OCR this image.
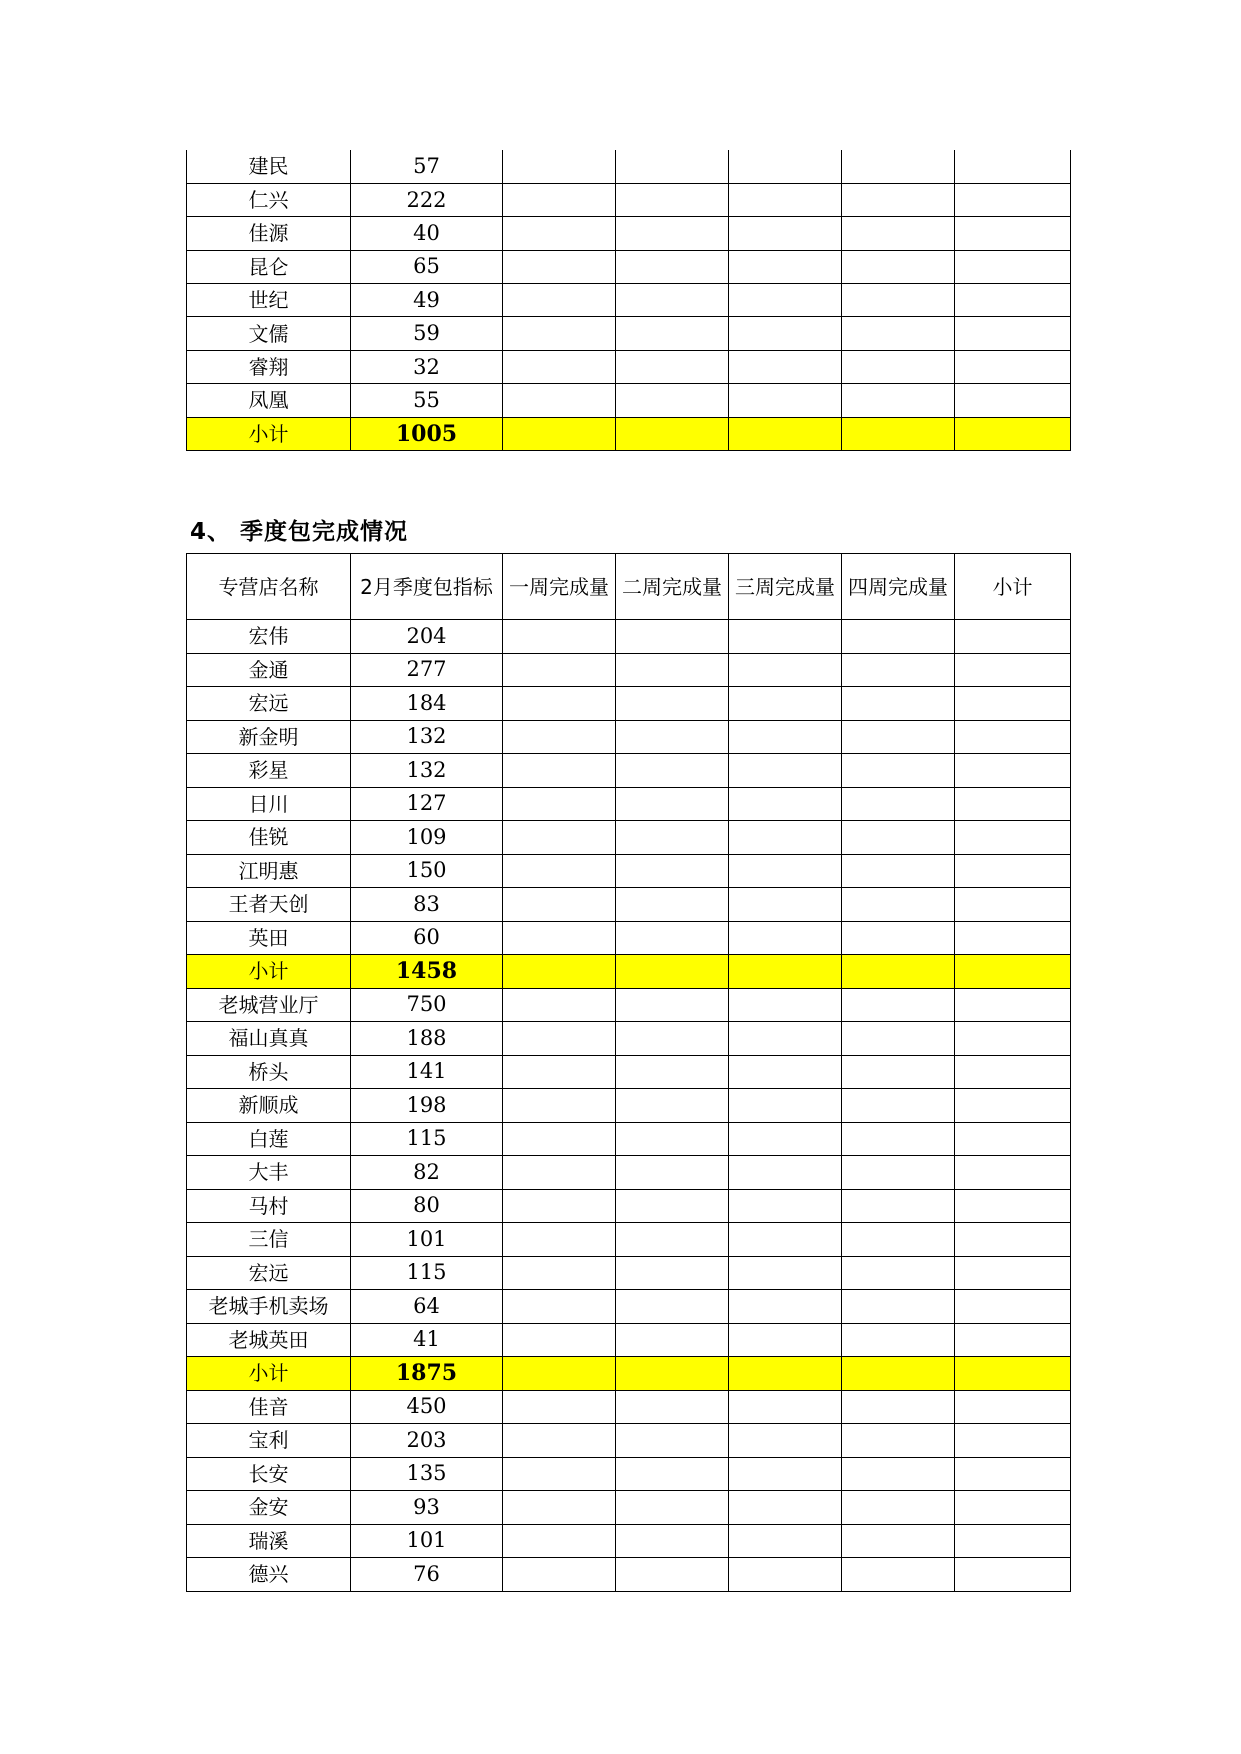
建民	57					
仁兴	222					
佳源	40					
昆仑	65					
世纪	49					
文儒	59					
睿翔	32					
凤凰	55					
小计	1005					
4、 季度包完成情况
专营店名称	2月季度包指标	一周完成量	二周完成量	三周完成量	四周完成量	小计
宏伟	204					
金通	277					
宏远	184					
新金明	132					
彩星	132					
日川	127					
佳锐	109					
江明惠	150					
王者天创	83					
英田	60					
小计	1458					
老城营业厅	750					
福山真真	188					
桥头	141					
新顺成	198					
白莲	115					
大丰	82					
马村	80					
三信	101					
宏远	115					
老城手机卖场	64					
老城英田	41					
小计	1875					
佳音	450					
宝利	203					
长安	135					
金安	93					
瑞溪	101					
德兴	76					
